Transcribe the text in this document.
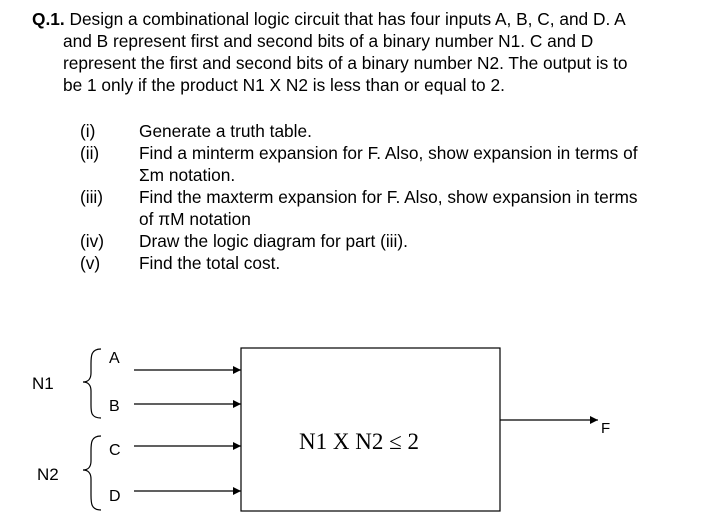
Q.1. Design a combinational logic circuit that has four inputs A, B, C, and D. A
and B represent first and second bits of a binary number N1. C and D
represent the first and second bits of a binary number N2. The output is to
be 1 only if the product N1 X N2 is less than or equal to 2.
(i)	Generate a truth table.
(ii)	Find a minterm expansion for F. Also, show expansion in terms of
Σm notation.
(iii)	Find the maxterm expansion for F. Also, show expansion in terms
of πM notation
(iv)	Draw the logic diagram for part (iii).
(v)	Find the total cost.
N1
N2
A
B
C
D
N1 X N2 ≤ 2
F
